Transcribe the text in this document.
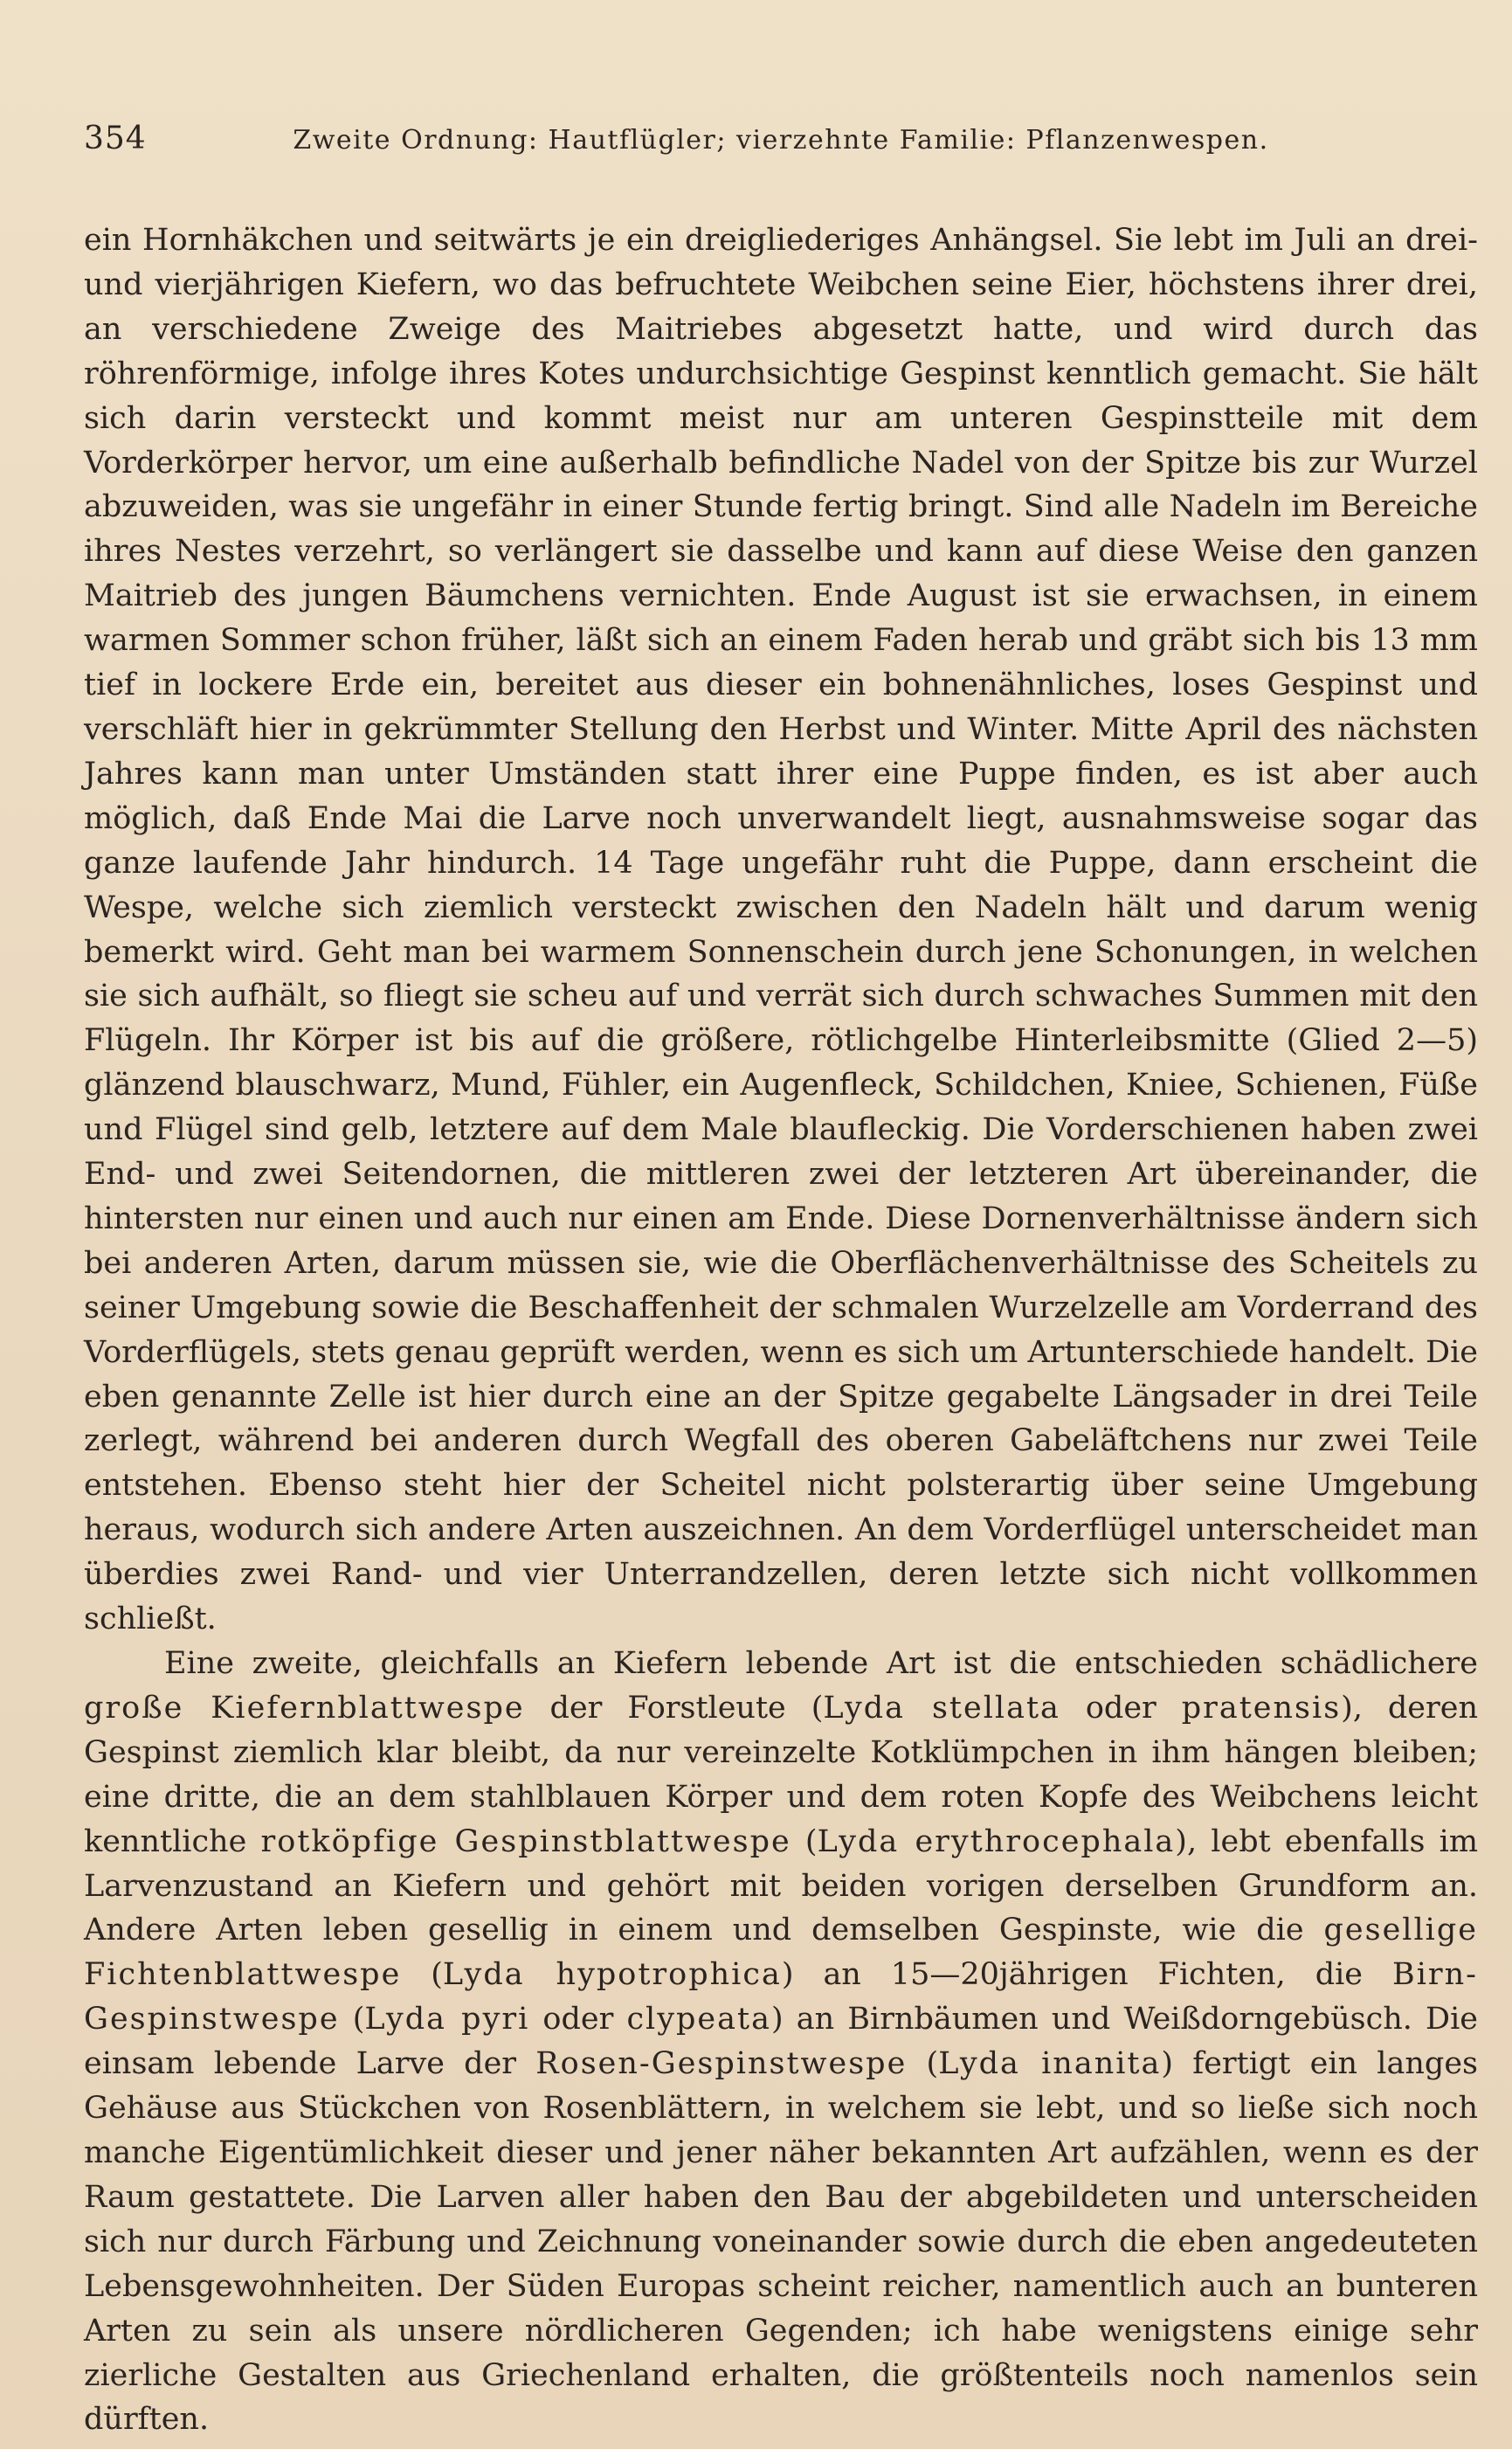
354	Zweite Ordnung: Hautflügler; vierzehnte Familie: Pflanzenwespen.

ein Hornhäkchen und seitwärts je ein dreigliederiges Anhängsel. Sie lebt im Juli an drei- und vierjährigen Kiefern, wo das befruchtete Weibchen seine Eier, höchstens ihrer drei, an verschiedene Zweige des Maitriebes abgesetzt hatte, und wird durch das röhrenförmige, infolge ihres Kotes undurchsichtige Gespinst kenntlich gemacht. Sie hält sich darin versteckt und kommt meist nur am unteren Gespinstteile mit dem Vorderkörper hervor, um eine außerhalb befindliche Nadel von der Spitze bis zur Wurzel abzuweiden, was sie ungefähr in einer Stunde fertig bringt. Sind alle Nadeln im Bereiche ihres Nestes verzehrt, so verlängert sie dasselbe und kann auf diese Weise den ganzen Maitrieb des jungen Bäumchens vernichten. Ende August ist sie erwachsen, in einem warmen Sommer schon früher, läßt sich an einem Faden herab und gräbt sich bis 13 mm tief in lockere Erde ein, bereitet aus dieser ein bohnenähnliches, loses Gespinst und verschläft hier in gekrümmter Stellung den Herbst und Winter. Mitte April des nächsten Jahres kann man unter Umständen statt ihrer eine Puppe finden, es ist aber auch möglich, daß Ende Mai die Larve noch unverwandelt liegt, ausnahmsweise sogar das ganze laufende Jahr hindurch. 14 Tage ungefähr ruht die Puppe, dann erscheint die Wespe, welche sich ziemlich versteckt zwischen den Nadeln hält und darum wenig bemerkt wird. Geht man bei warmem Sonnenschein durch jene Schonungen, in welchen sie sich aufhält, so fliegt sie scheu auf und verrät sich durch schwaches Summen mit den Flügeln. Ihr Körper ist bis auf die größere, rötlichgelbe Hinterleibsmitte (Glied 2—5) glänzend blauschwarz, Mund, Fühler, ein Augenfleck, Schildchen, Kniee, Schienen, Füße und Flügel sind gelb, letztere auf dem Male blaufleckig. Die Vorderschienen haben zwei End- und zwei Seitendornen, die mittleren zwei der letzteren Art übereinander, die hintersten nur einen und auch nur einen am Ende. Diese Dornenverhältnisse ändern sich bei anderen Arten, darum müssen sie, wie die Oberflächenverhältnisse des Scheitels zu seiner Umgebung sowie die Beschaffenheit der schmalen Wurzelzelle am Vorderrand des Vorderflügels, stets genau geprüft werden, wenn es sich um Artunterschiede handelt. Die eben genannte Zelle ist hier durch eine an der Spitze gegabelte Längsader in drei Teile zerlegt, während bei anderen durch Wegfall des oberen Gabeläftchens nur zwei Teile entstehen. Ebenso steht hier der Scheitel nicht polsterartig über seine Umgebung heraus, wodurch sich andere Arten auszeichnen. An dem Vorderflügel unterscheidet man überdies zwei Rand- und vier Unterrandzellen, deren letzte sich nicht vollkommen schließt.

Eine zweite, gleichfalls an Kiefern lebende Art ist die entschieden schädlichere große Kiefernblattwespe der Forstleute (Lyda stellata oder pratensis), deren Gespinst ziemlich klar bleibt, da nur vereinzelte Kotklümpchen in ihm hängen bleiben; eine dritte, die an dem stahlblauen Körper und dem roten Kopfe des Weibchens leicht kenntliche rotköpfige Gespinstblattwespe (Lyda erythrocephala), lebt ebenfalls im Larvenzustand an Kiefern und gehört mit beiden vorigen derselben Grundform an. Andere Arten leben gesellig in einem und demselben Gespinste, wie die gesellige Fichtenblattwespe (Lyda hypotrophica) an 15—20jährigen Fichten, die Birn-Gespinstwespe (Lyda pyri oder clypeata) an Birnbäumen und Weißdorngebüsch. Die einsam lebende Larve der Rosen-Gespinstwespe (Lyda inanita) fertigt ein langes Gehäuse aus Stückchen von Rosenblättern, in welchem sie lebt, und so ließe sich noch manche Eigentümlichkeit dieser und jener näher bekannten Art aufzählen, wenn es der Raum gestattete. Die Larven aller haben den Bau der abgebildeten und unterscheiden sich nur durch Färbung und Zeichnung voneinander sowie durch die eben angedeuteten Lebensgewohnheiten. Der Süden Europas scheint reicher, namentlich auch an bunteren Arten zu sein als unsere nördlicheren Gegenden; ich habe wenigstens einige sehr zierliche Gestalten aus Griechenland erhalten, die größtenteils noch namenlos sein dürften.
